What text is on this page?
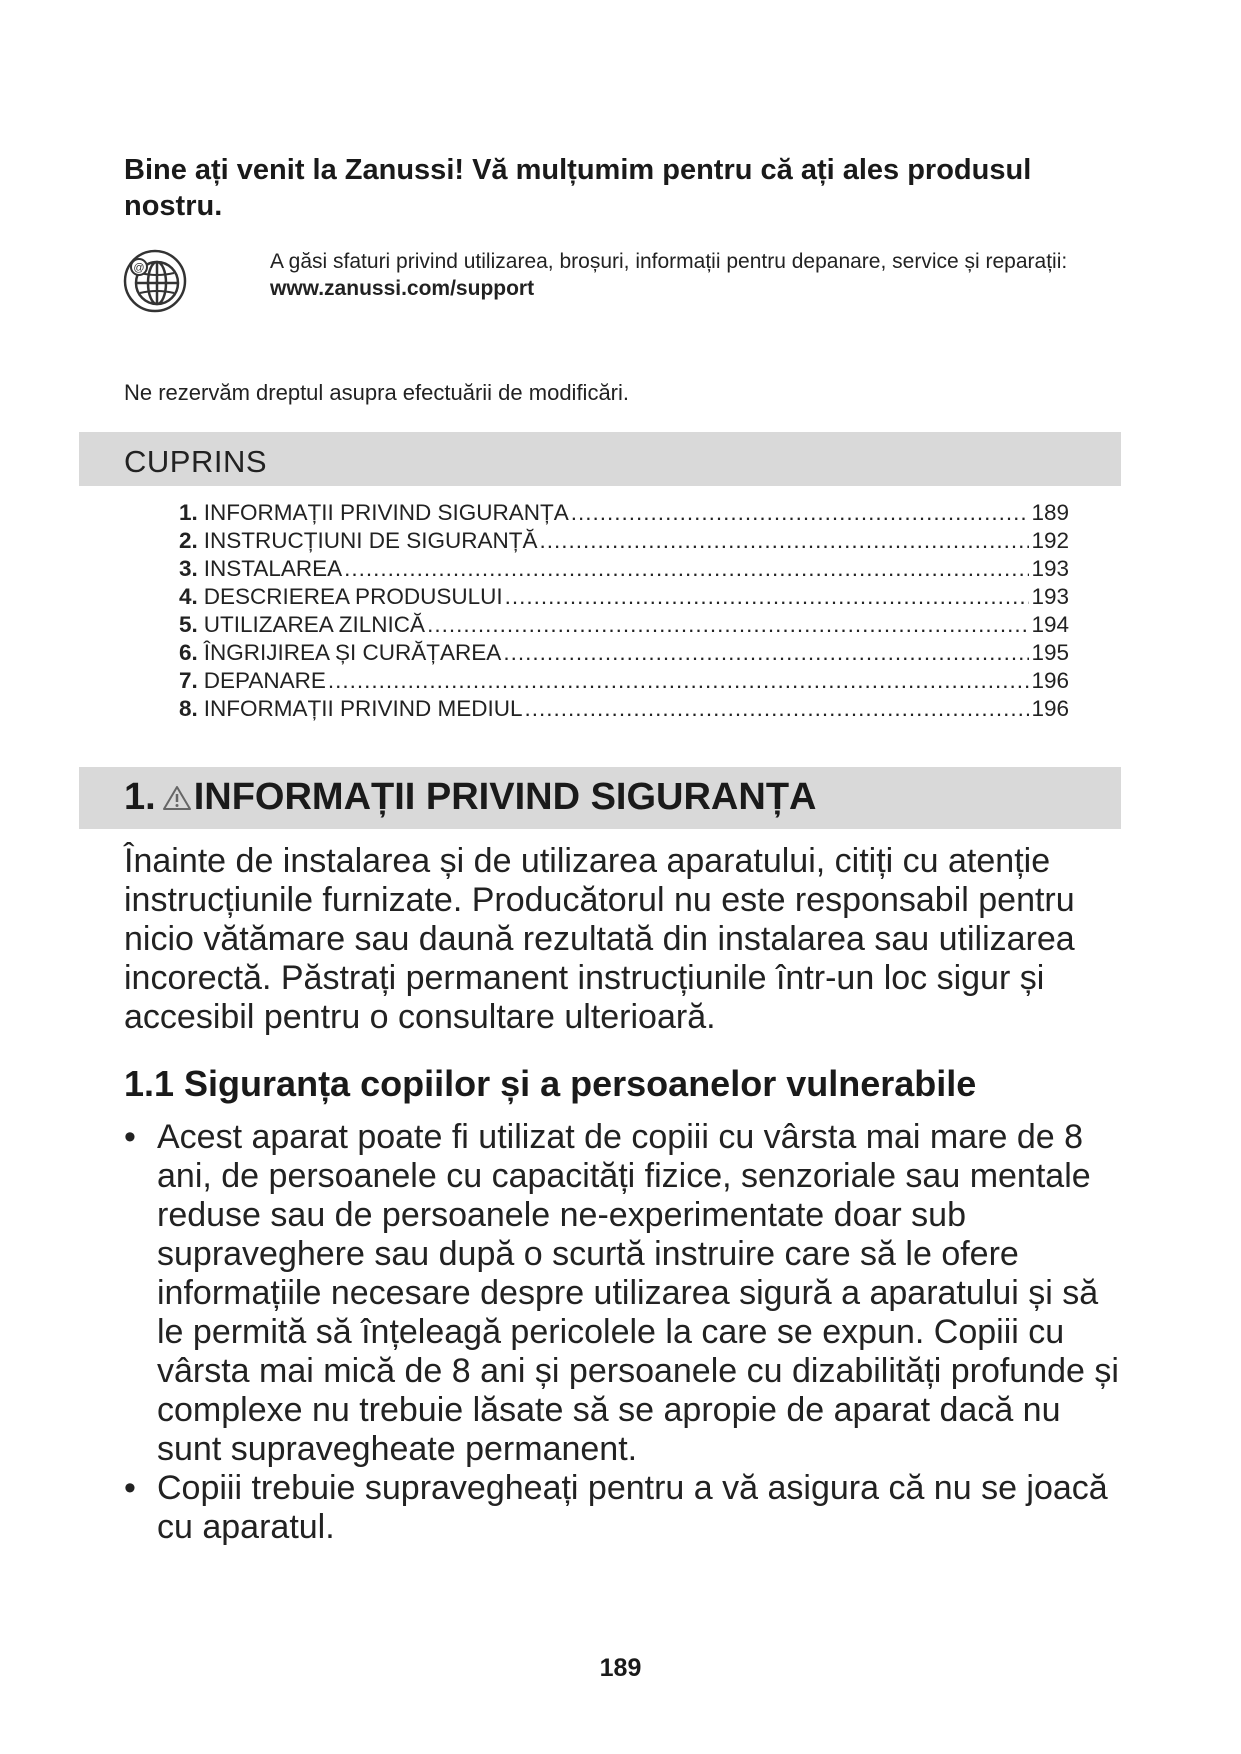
Bine ați venit la Zanussi! Vă mulțumim pentru că ați ales produsul nostru.
@	A găsi sfaturi privind utilizarea, broșuri, informații pentru depanare, service și reparații:
www.zanussi.com/support
Ne rezervăm dreptul asupra efectuării de modificări.
CUPRINS
1. INFORMAȚII PRIVIND SIGURANȚA .....	189
2. INSTRUCȚIUNI DE SIGURANȚĂ .....	192
3. INSTALAREA .....	193
4. DESCRIEREA PRODUSULUI .....	193
5. UTILIZAREA ZILNICĂ .....	194
6. ÎNGRIJIREA ȘI CURĂȚAREA .....	195
7. DEPANARE .....	196
8. INFORMAȚII PRIVIND MEDIUL .....	196
1. INFORMAȚII PRIVIND SIGURANȚA
Înainte de instalarea și de utilizarea aparatului, citiți cu atenție instrucțiunile furnizate. Producătorul nu este responsabil pentru nicio vătămare sau daună rezultată din instalarea sau utilizarea incorectă. Păstrați permanent instrucțiunile într-un loc sigur și accesibil pentru o consultare ulterioară.
1.1 Siguranța copiilor și a persoanelor vulnerabile
• Acest aparat poate fi utilizat de copiii cu vârsta mai mare de 8 ani, de persoanele cu capacități fizice, senzoriale sau mentale reduse sau de persoanele ne-experimentate doar sub supraveghere sau după o scurtă instruire care să le ofere informațiile necesare despre utilizarea sigură a aparatului și să le permită să înțeleagă pericolele la care se expun. Copiii cu vârsta mai mică de 8 ani și persoanele cu dizabilități profunde și complexe nu trebuie lăsate să se apropie de aparat dacă nu sunt supravegheate permanent.
• Copiii trebuie supravegheați pentru a vă asigura că nu se joacă cu aparatul.
189
